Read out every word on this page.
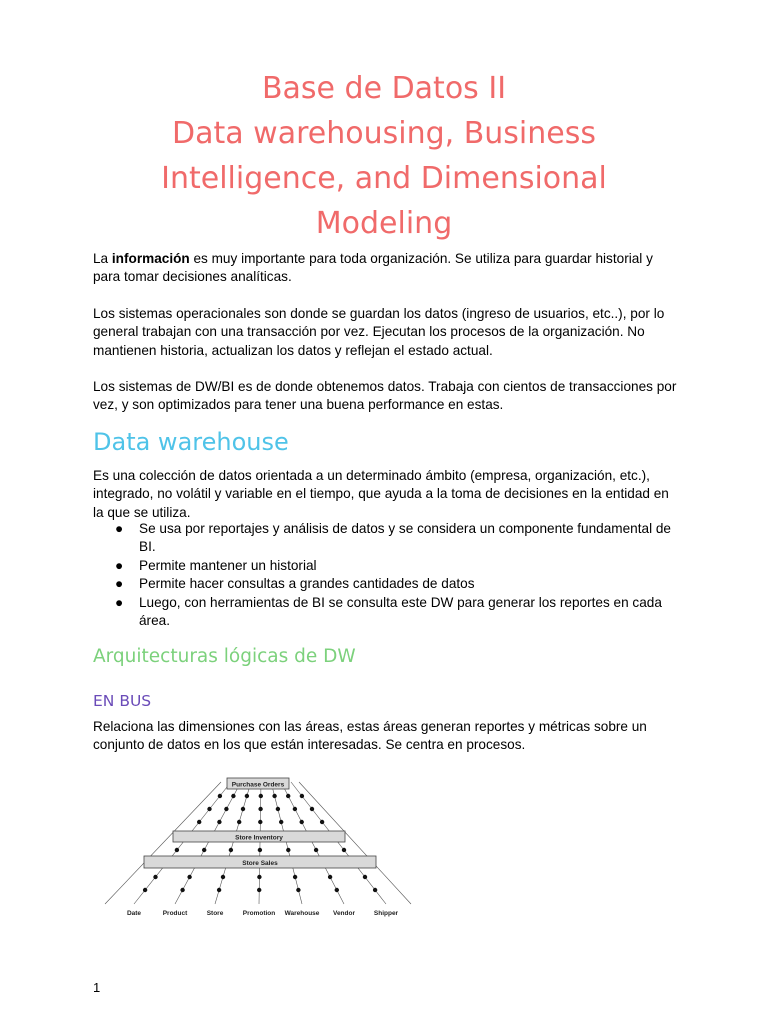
Base de Datos II
Data warehousing, Business
Intelligence, and Dimensional
Modeling
La información es muy importante para toda organización. Se utiliza para guardar historial y para tomar decisiones analíticas.
Los sistemas operacionales son donde se guardan los datos (ingreso de usuarios, etc..), por lo general trabajan con una transacción por vez. Ejecutan los procesos de la organización. No mantienen historia, actualizan los datos y reflejan el estado actual.
Los sistemas de DW/BI es de donde obtenemos datos. Trabaja con cientos de transacciones por vez, y son optimizados para tener una buena performance en estas.
Data warehouse
Es una colección de datos orientada a un determinado ámbito (empresa, organización, etc.), integrado, no volátil y variable en el tiempo, que ayuda a la toma de decisiones en la entidad en la que se utiliza.
● Se usa por reportajes y análisis de datos y se considera un componente fundamental de BI.
● Permite mantener un historial
● Permite hacer consultas a grandes cantidades de datos
● Luego, con herramientas de BI se consulta este DW para generar los reportes en cada área.
Arquitecturas lógicas de DW
EN BUS
Relaciona las dimensiones con las áreas, estas áreas generan reportes y métricas sobre un conjunto de datos en los que están interesadas. Se centra en procesos.
Purchase Orders
Store Inventory
Store Sales
Date	Product	Store	Promotion Warehouse Vendor	Shipper
1
